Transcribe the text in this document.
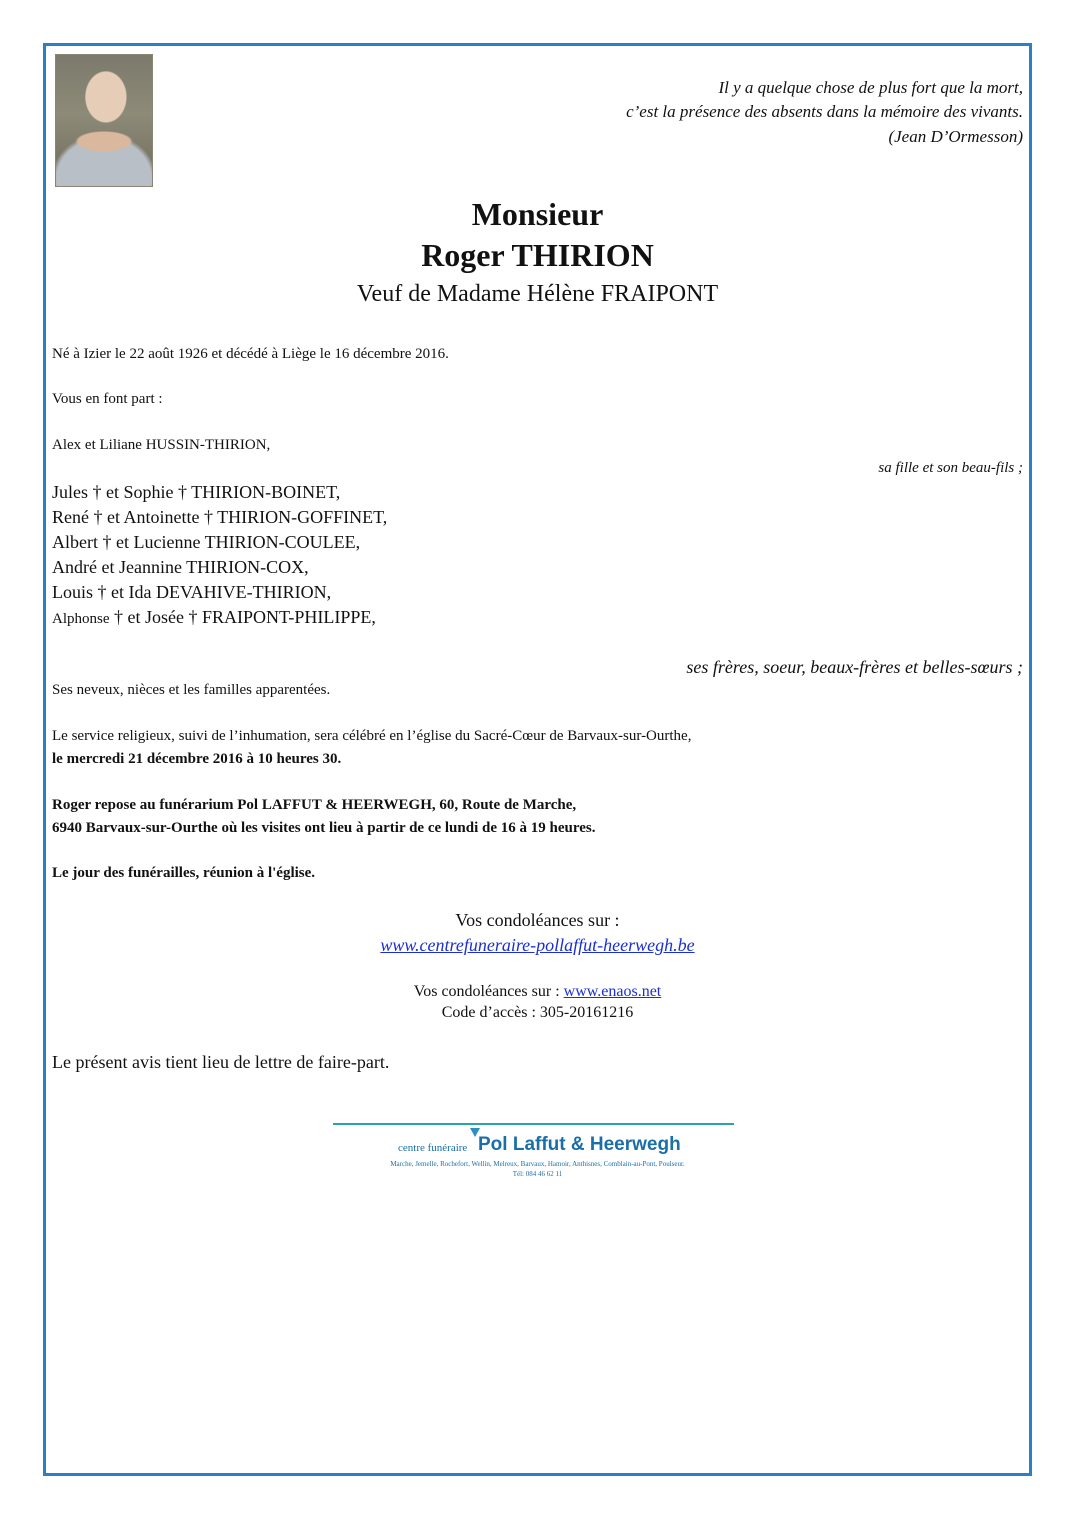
Il y a quelque chose de plus fort que la mort,

c’est la présence des absents dans la mémoire des vivants.

(Jean D’Ormesson)

Monsieur

Roger THIRION

Veuf de Madame Hélène FRAIPONT

Né à Izier le 22 août 1926 et décédé à Liège le 16 décembre 2016.

Vous en font part :

Alex et Liliane HUSSIN-THIRION,

sa fille et son beau-fils ;

Jules † et Sophie † THIRION-BOINET,

René † et Antoinette † THIRION-GOFFINET,

Albert † et Lucienne THIRION-COULEE,

André et Jeannine THIRION-COX,

Louis † et Ida DEVAHIVE-THIRION,

Alphonse † et Josée † FRAIPONT-PHILIPPE,

ses frères, soeur, beaux-frères et belles-sœurs ;

Ses neveux, nièces et les familles apparentées.

Le service religieux, suivi de l’inhumation, sera célébré en l’église du Sacré-Cœur de Barvaux-sur-Ourthe,

le mercredi 21 décembre 2016 à 10 heures 30.

Roger repose au funérarium Pol LAFFUT & HEERWEGH, 60, Route de Marche,

6940 Barvaux-sur-Ourthe où les visites ont lieu à partir de ce lundi de 16 à 19 heures.

Le jour des funérailles, réunion à l'église.

Vos condoléances sur :

www.centrefuneraire-pollaffut-heerwegh.be

Vos condoléances sur : www.enaos.net

Code d’accès : 305-20161216

Le présent avis tient lieu de lettre de faire-part.

centre funéraire Pol Laffut & Heerwegh

Marche, Jemelle, Rochefort, Wellin, Melreux, Barvaux, Hamoir, Anthisnes, Comblain-au-Pont, Poulseur.

Tél: 084 46 62 11
